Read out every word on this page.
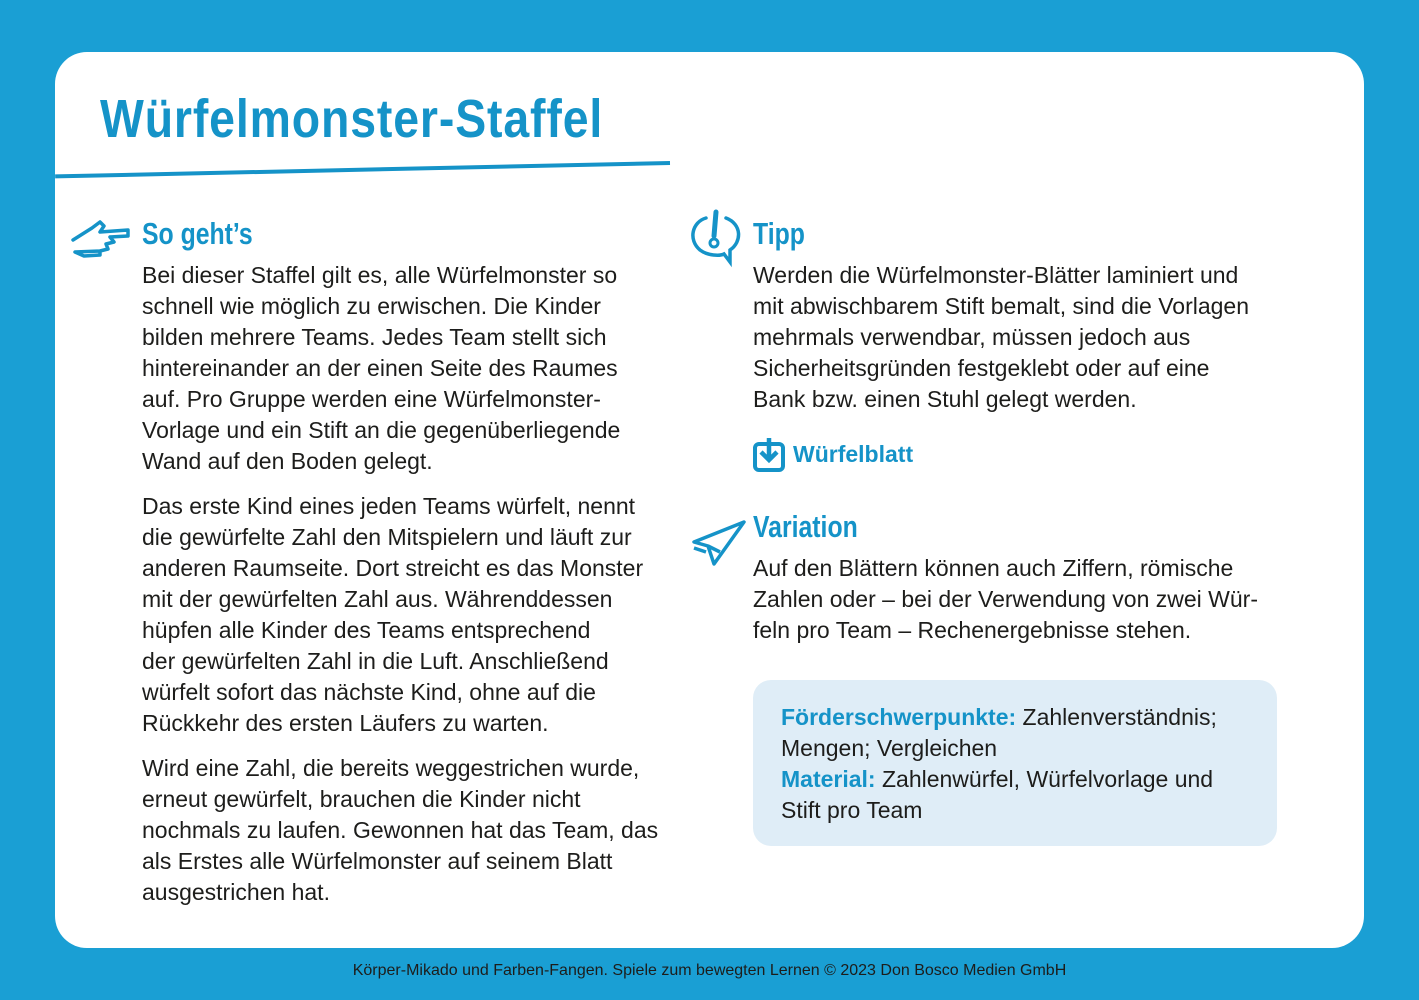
Würfelmonster-Staffel
So geht’s
Bei dieser Staffel gilt es, alle Würfelmonster so
schnell wie möglich zu erwischen. Die Kinder
bilden mehrere Teams. Jedes Team stellt sich
hintereinander an der einen Seite des Raumes
auf. Pro Gruppe werden eine Würfelmonster-
Vorlage und ein Stift an die gegenüberliegende
Wand auf den Boden gelegt.
Das erste Kind eines jeden Teams würfelt, nennt
die gewürfelte Zahl den Mitspielern und läuft zur
anderen Raumseite. Dort streicht es das Monster
mit der gewürfelten Zahl aus. Währenddessen
hüpfen alle Kinder des Teams entsprechend
der gewürfelten Zahl in die Luft. Anschließend
würfelt sofort das nächste Kind, ohne auf die
Rückkehr des ersten Läufers zu warten.
Wird eine Zahl, die bereits weggestrichen wurde,
erneut gewürfelt, brauchen die Kinder nicht
nochmals zu laufen. Gewonnen hat das Team, das
als Erstes alle Würfelmonster auf seinem Blatt
ausgestrichen hat.
Tipp
Werden die Würfelmonster-Blätter laminiert und
mit abwischbarem Stift bemalt, sind die Vorlagen
mehrmals verwendbar, müssen jedoch aus
Sicherheitsgründen festgeklebt oder auf eine
Bank bzw. einen Stuhl gelegt werden.
Würfelblatt
Variation
Auf den Blättern können auch Ziffern, römische
Zahlen oder – bei der Verwendung von zwei Wür-
feln pro Team – Rechenergebnisse stehen.
Förderschwerpunkte: Zahlenverständnis;
Mengen; Vergleichen
Material: Zahlenwürfel, Würfelvorlage und
Stift pro Team
Körper-Mikado und Farben-Fangen. Spiele zum bewegten Lernen © 2023 Don Bosco Medien GmbH
